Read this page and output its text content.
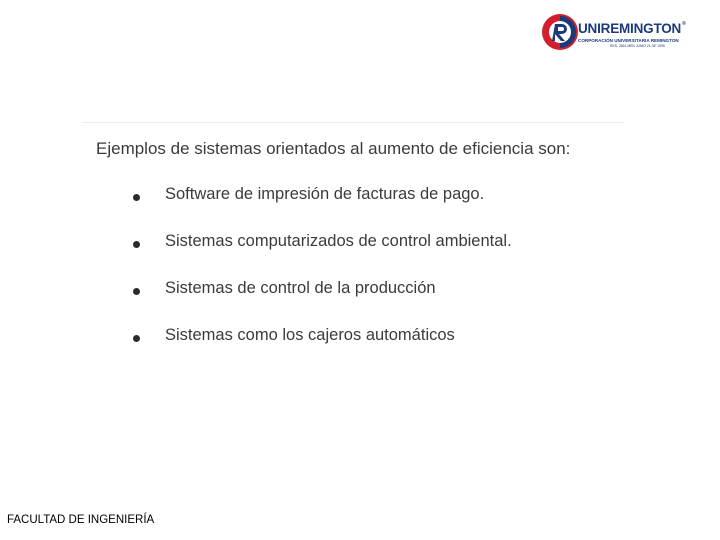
UNIREMINGTON®
CORPORACIÓN UNIVERSITARIA REMINGTON
RES. 2661 MEN JUNIO 21 DE 1996
Ejemplos de sistemas orientados al aumento de eficiencia son:
Software de impresión de facturas de pago.
Sistemas computarizados de control ambiental.
Sistemas de control de la producción
Sistemas como los cajeros automáticos
FACULTAD DE INGENIERÍA
